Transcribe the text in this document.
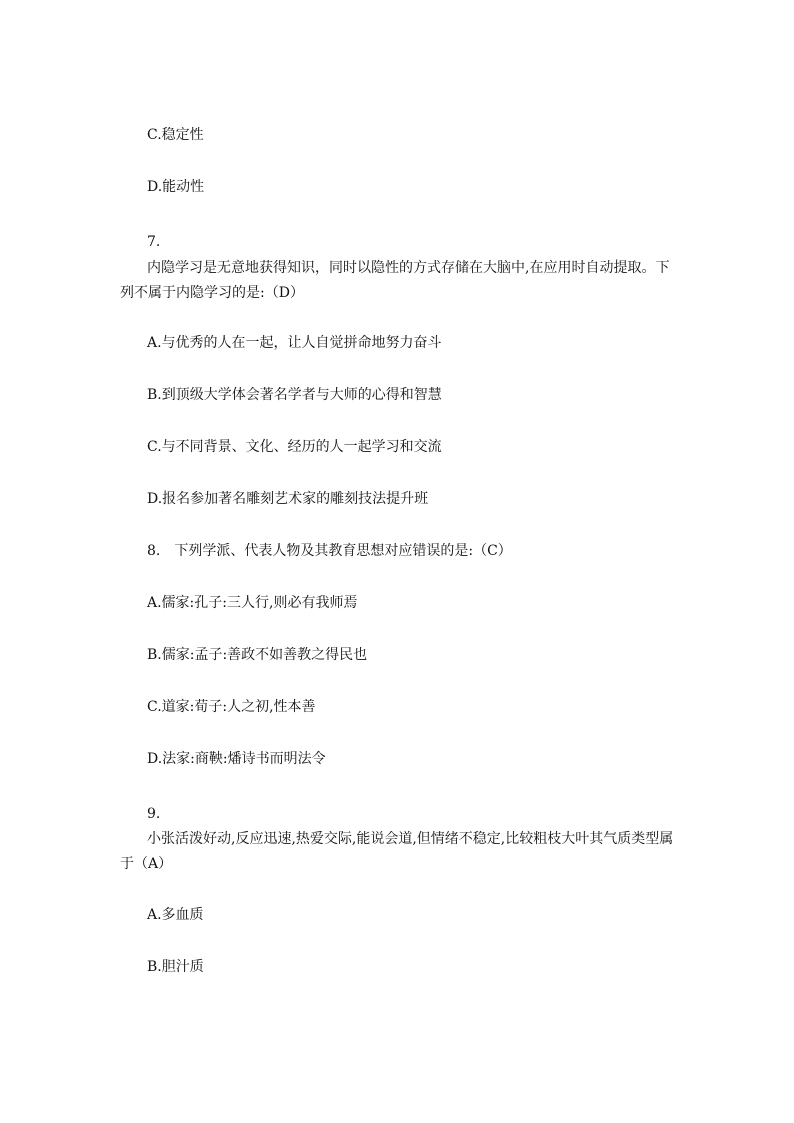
C.稳定性

D.能动性

7.

内隐学习是无意地获得知识，同时以隐性的方式存储在大脑中,在应用时自动提取。下列不属于内隐学习的是:（D）

A.与优秀的人在一起，让人自觉拼命地努力奋斗

B.到顶级大学体会著名学者与大师的心得和智慧

C.与不同背景、文化、经历的人一起学习和交流

D.报名参加著名雕刻艺术家的雕刻技法提升班

8.　下列学派、代表人物及其教育思想对应错误的是:（C）

A.儒家:孔子:三人行,则必有我师焉

B.儒家:孟子:善政不如善教之得民也

C.道家:荀子:人之初,性本善

D.法家:商鞅:燔诗书而明法令

9.

小张活泼好动,反应迅速,热爱交际,能说会道,但情绪不稳定,比较粗枝大叶其气质类型属于（A）

A.多血质

B.胆汁质
